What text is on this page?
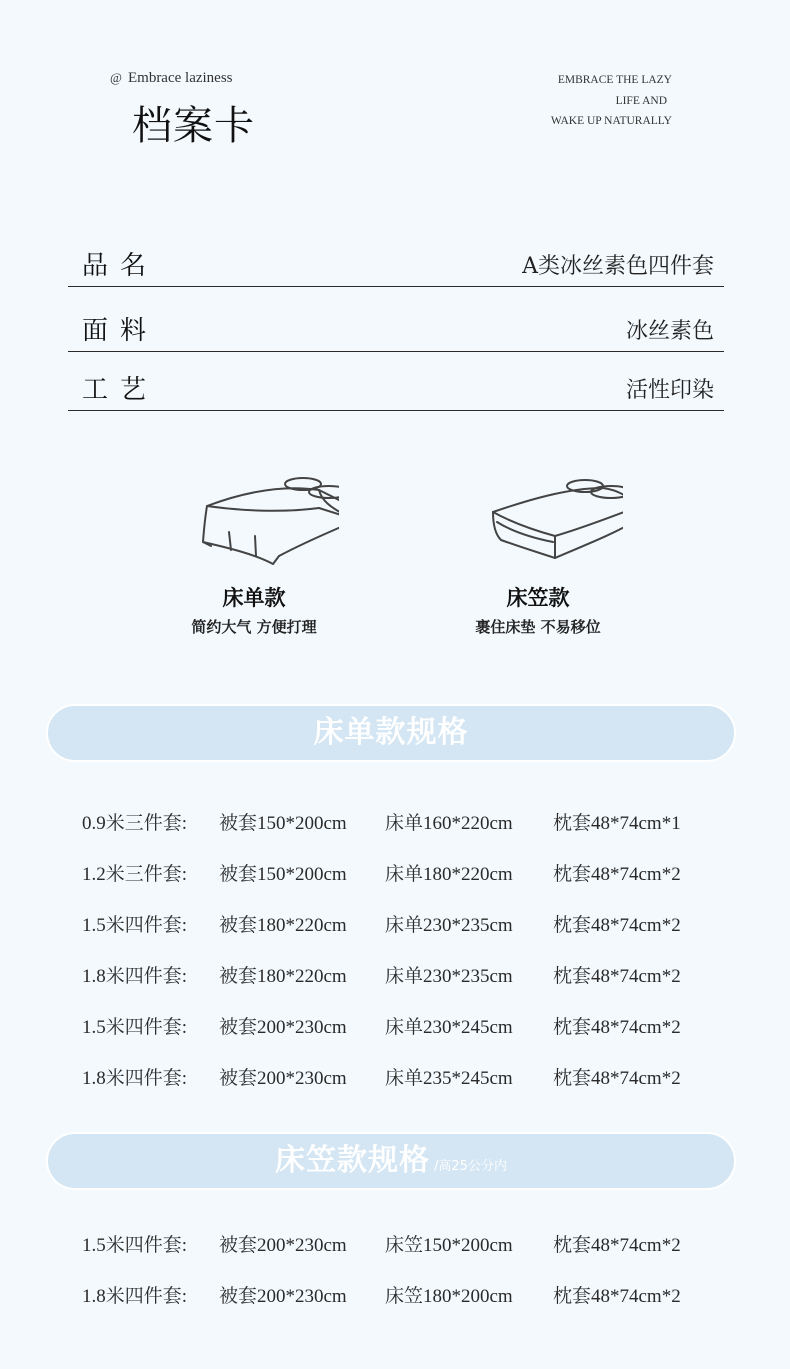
@ Embrace laziness
档案卡
EMBRACE THE LAZY
LIFE AND
WAKE UP NATURALLY
品名	A类冰丝素色四件套
面料	冰丝素色
工艺	活性印染
床单款
简约大气 方便打理
床笠款
裹住床垫 不易移位
床单款规格
0.9米三件套: 被套150*200cm 床单160*220cm 枕套48*74cm*1
1.2米三件套: 被套150*200cm 床单180*220cm 枕套48*74cm*2
1.5米四件套: 被套180*220cm 床单230*235cm 枕套48*74cm*2
1.8米四件套: 被套180*220cm 床单230*235cm 枕套48*74cm*2
1.5米四件套: 被套200*230cm 床单230*245cm 枕套48*74cm*2
1.8米四件套: 被套200*230cm 床单235*245cm 枕套48*74cm*2
床笠款规格 /高25公分内
1.5米四件套: 被套200*230cm 床笠150*200cm 枕套48*74cm*2
1.8米四件套: 被套200*230cm 床笠180*200cm 枕套48*74cm*2
